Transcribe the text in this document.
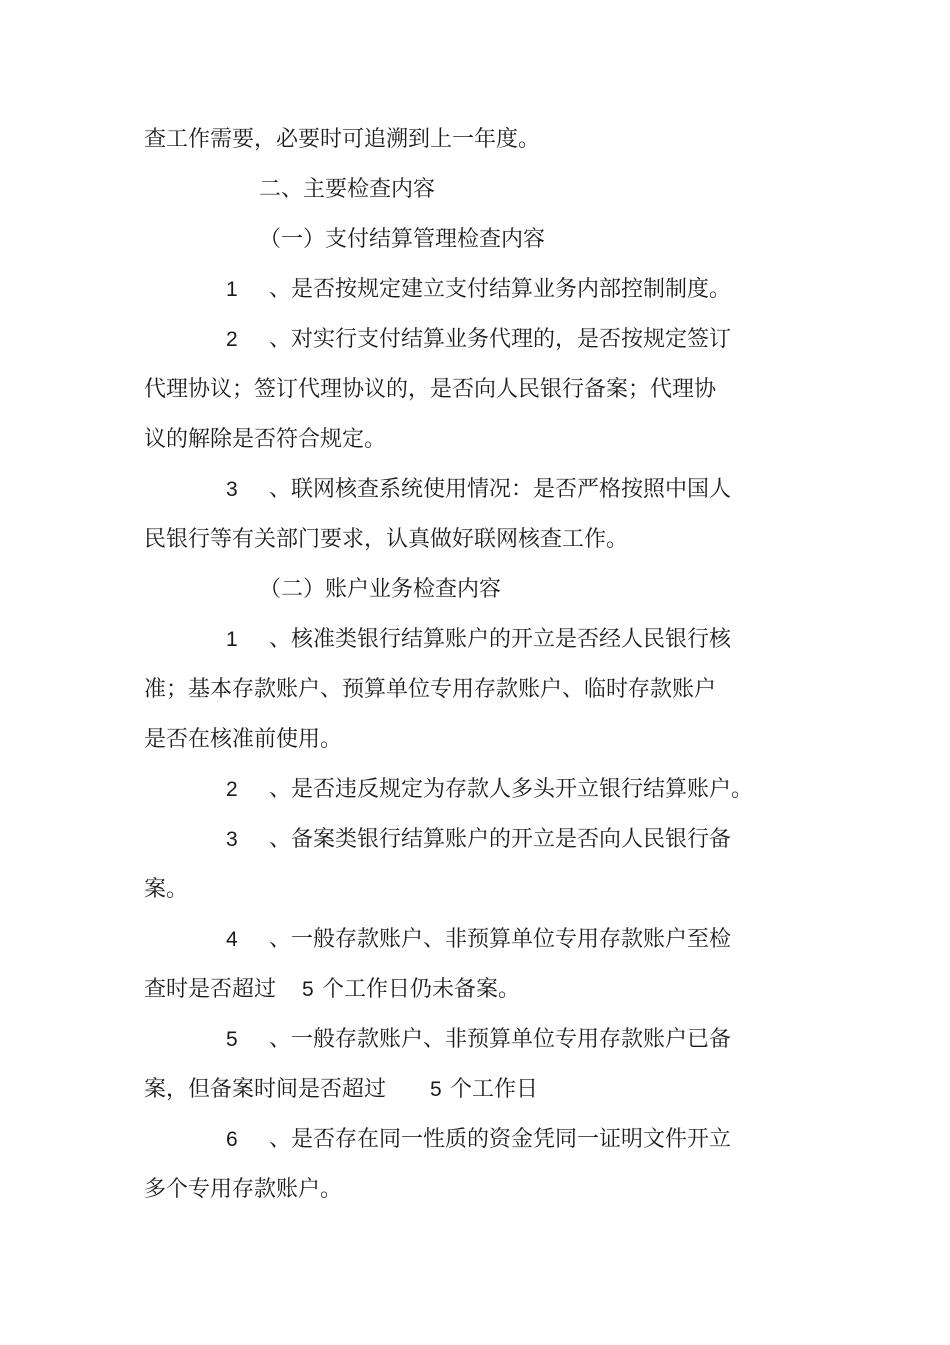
查工作需要，必要时可追溯到上一年度。
二、主要检查内容
（一）支付结算管理检查内容
1 、是否按规定建立支付结算业务内部控制制度。
2 、对实行支付结算业务代理的，是否按规定签订
代理协议；签订代理协议的，是否向人民银行备案；代理协
议的解除是否符合规定。
3 、联网核查系统使用情况：是否严格按照中国人
民银行等有关部门要求，认真做好联网核查工作。
（二）账户业务检查内容
1 、核准类银行结算账户的开立是否经人民银行核
准；基本存款账户、预算单位专用存款账户、临时存款账户
是否在核准前使用。
2 、是否违反规定为存款人多头开立银行结算账户。
3 、备案类银行结算账户的开立是否向人民银行备
案。
4 、一般存款账户、非预算单位专用存款账户至检
查时是否超过 5 个工作日仍未备案。
5 、一般存款账户、非预算单位专用存款账户已备
案，但备案时间是否超过 5 个工作日
6 、是否存在同一性质的资金凭同一证明文件开立
多个专用存款账户。
